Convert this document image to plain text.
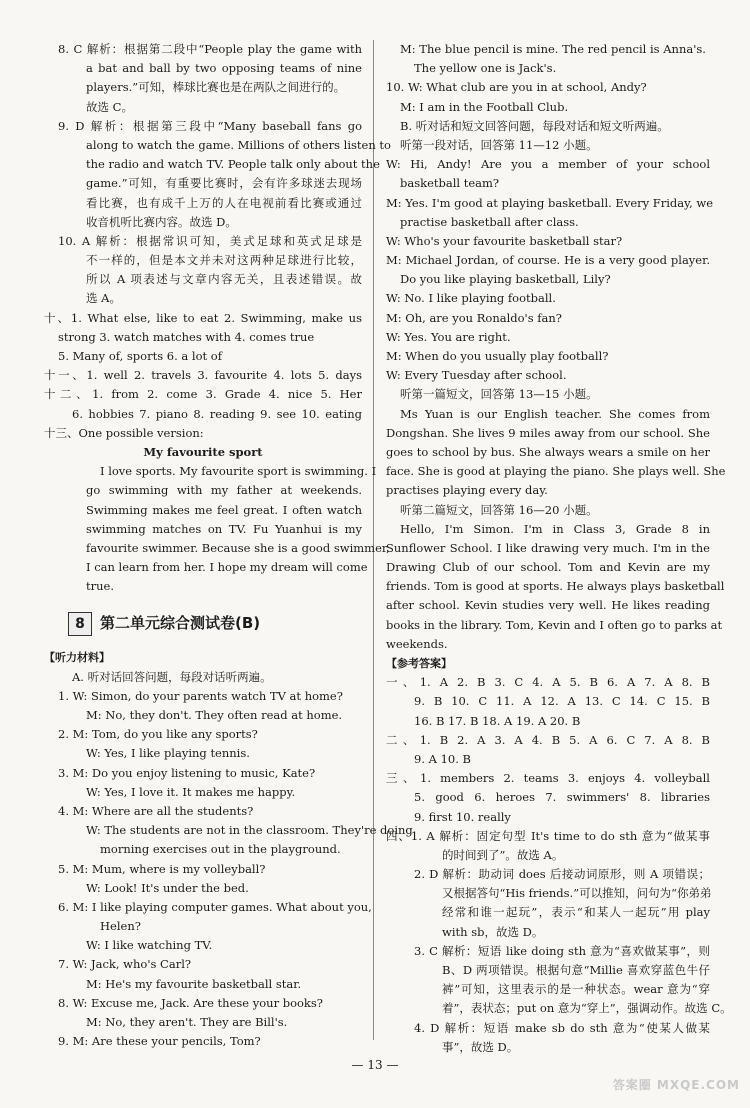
8. C 解析：根据第二段中“People play the game with
a bat and ball by two opposing teams of nine
players.”可知，棒球比赛也是在两队之间进行的。
故选 C。
9. D 解析：根据第三段中“Many baseball fans go
along to watch the game. Millions of others listen to
the radio and watch TV. People talk only about the
game.”可知，有重要比赛时，会有许多球迷去现场
看比赛，也有成千上万的人在电视前看比赛或通过
收音机听比赛内容。故选 D。
10. A 解析：根据常识可知，美式足球和英式足球是
不一样的，但是本文并未对这两种足球进行比较，
所以 A 项表述与文章内容无关，且表述错误。故
选 A。
十、1. What else, like to eat 2. Swimming, make us
strong 3. watch matches with 4. comes true
5. Many of, sports 6. a lot of
十一、1. well 2. travels 3. favourite 4. lots 5. days
十二、1. from 2. come 3. Grade 4. nice 5. Her
6. hobbies 7. piano 8. reading 9. see 10. eating
十三、One possible version:
My favourite sport
I love sports. My favourite sport is swimming. I
go swimming with my father at weekends.
Swimming makes me feel great. I often watch
swimming matches on TV. Fu Yuanhui is my
favourite swimmer. Because she is a good swimmer,
I can learn from her. I hope my dream will come
true.
8 第二单元综合测试卷(B)
【听力材料】
A. 听对话回答问题，每段对话听两遍。
1. W: Simon, do your parents watch TV at home?
M: No, they don't. They often read at home.
2. M: Tom, do you like any sports?
W: Yes, I like playing tennis.
3. M: Do you enjoy listening to music, Kate?
W: Yes, I love it. It makes me happy.
4. M: Where are all the students?
W: The students are not in the classroom. They're doing
morning exercises out in the playground.
5. M: Mum, where is my volleyball?
W: Look! It's under the bed.
6. M: I like playing computer games. What about you,
Helen?
W: I like watching TV.
7. W: Jack, who's Carl?
M: He's my favourite basketball star.
8. W: Excuse me, Jack. Are these your books?
M: No, they aren't. They are Bill's.
9. M: Are these your pencils, Tom?
M: The blue pencil is mine. The red pencil is Anna's.
The yellow one is Jack's.
10. W: What club are you in at school, Andy?
M: I am in the Football Club.
B. 听对话和短文回答问题，每段对话和短文听两遍。
听第一段对话，回答第 11—12 小题。
W: Hi, Andy! Are you a member of your school
basketball team?
M: Yes. I'm good at playing basketball. Every Friday, we
practise basketball after class.
W: Who's your favourite basketball star?
M: Michael Jordan, of course. He is a very good player.
Do you like playing basketball, Lily?
W: No. I like playing football.
M: Oh, are you Ronaldo's fan?
W: Yes. You are right.
M: When do you usually play football?
W: Every Tuesday after school.
听第一篇短文，回答第 13—15 小题。
Ms Yuan is our English teacher. She comes from
Dongshan. She lives 9 miles away from our school. She
goes to school by bus. She always wears a smile on her
face. She is good at playing the piano. She plays well. She
practises playing every day.
听第二篇短文，回答第 16—20 小题。
Hello, I'm Simon. I'm in Class 3, Grade 8 in
Sunflower School. I like drawing very much. I'm in the
Drawing Club of our school. Tom and Kevin are my
friends. Tom is good at sports. He always plays basketball
after school. Kevin studies very well. He likes reading
books in the library. Tom, Kevin and I often go to parks at
weekends.
【参考答案】
一、1. A 2. B 3. C 4. A 5. B 6. A 7. A 8. B
9. B 10. C 11. A 12. A 13. C 14. C 15. B
16. B 17. B 18. A 19. A 20. B
二、1. B 2. A 3. A 4. B 5. A 6. C 7. A 8. B
9. A 10. B
三、1. members 2. teams 3. enjoys 4. volleyball
5. good 6. heroes 7. swimmers' 8. libraries
9. first 10. really
四、1. A 解析：固定句型 It's time to do sth 意为“做某事
的时间到了”。故选 A。
2. D 解析：助动词 does 后接动词原形，则 A 项错误；
又根据答句“His friends.”可以推知，问句为“你弟弟
经常和谁一起玩”，表示“和某人一起玩”用 play
with sb，故选 D。
3. C 解析：短语 like doing sth 意为“喜欢做某事”，则
B、D 两项错误。根据句意“Millie 喜欢穿蓝色牛仔
裤”可知，这里表示的是一种状态。wear 意为“穿
着”，表状态；put on 意为“穿上”，强调动作。故选 C。
4. D 解析：短语 make sb do sth 意为“使某人做某
事”，故选 D。
— 13 —
答案圈 MXQE.COM
